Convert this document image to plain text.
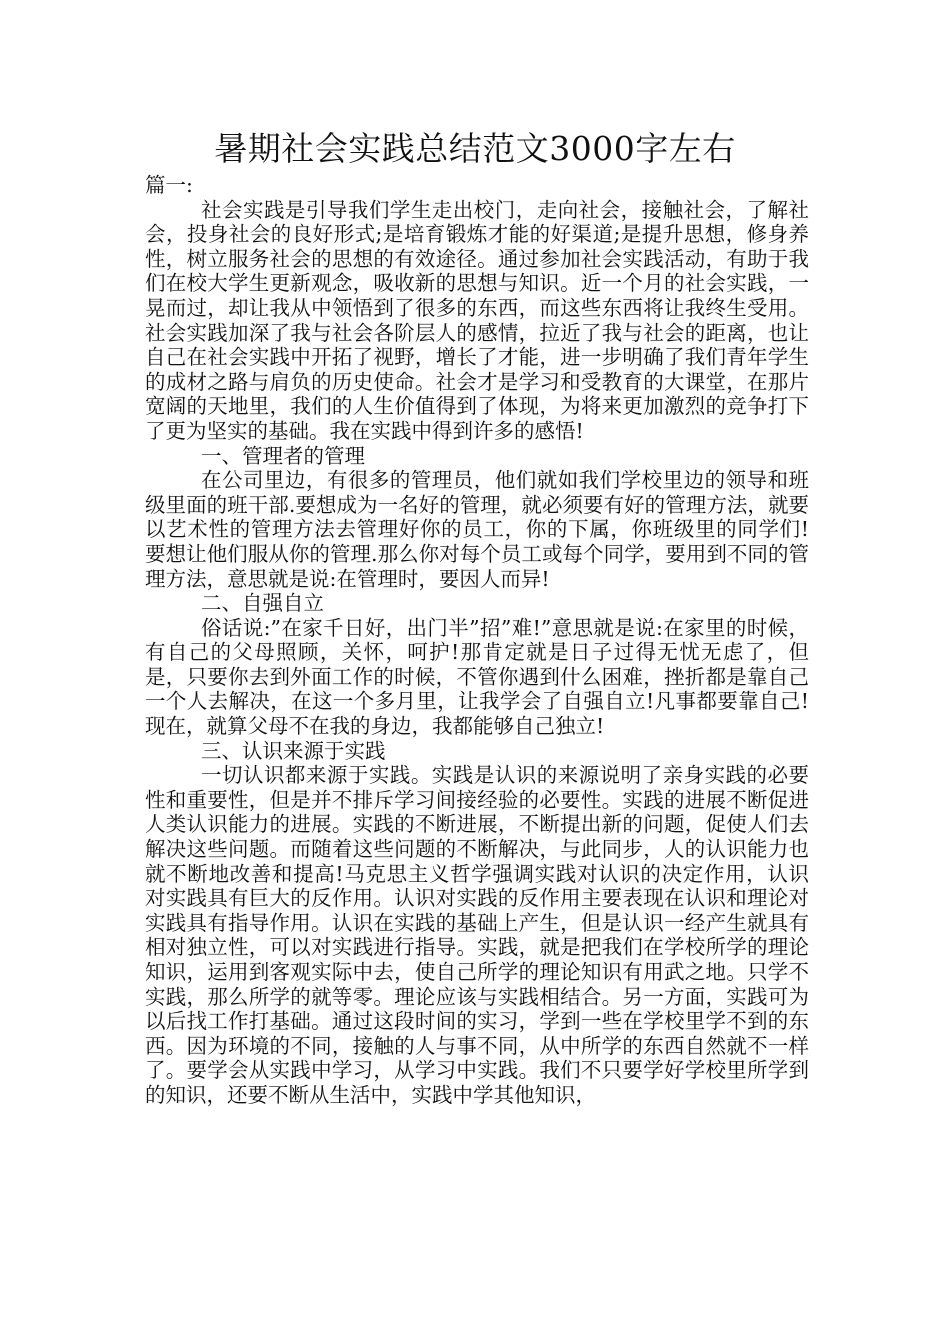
暑期社会实践总结范文3000字左右

篇一:

社会实践是引导我们学生走出校门，走向社会，接触社会，了解社会，投身社会的良好形式;是培育锻炼才能的好渠道;是提升思想，修身养性，树立服务社会的思想的有效途径。通过参加社会实践活动，有助于我们在校大学生更新观念，吸收新的思想与知识。近一个月的社会实践，一晃而过，却让我从中领悟到了很多的东西，而这些东西将让我终生受用。社会实践加深了我与社会各阶层人的感情，拉近了我与社会的距离，也让自己在社会实践中开拓了视野，增长了才能，进一步明确了我们青年学生的成材之路与肩负的历史使命。社会才是学习和受教育的大课堂，在那片宽阔的天地里，我们的人生价值得到了体现，为将来更加激烈的竞争打下了更为坚实的基础。我在实践中得到许多的感悟!

一、管理者的管理

在公司里边，有很多的管理员，他们就如我们学校里边的领导和班级里面的班干部.要想成为一名好的管理，就必须要有好的管理方法，就要以艺术性的管理方法去管理好你的员工，你的下属，你班级里的同学们!要想让他们服从你的管理.那么你对每个员工或每个同学，要用到不同的管理方法，意思就是说:在管理时，要因人而异!

二、自强自立

俗话说:”在家千日好，出门半”招”难!”意思就是说:在家里的时候，有自己的父母照顾，关怀，呵护!那肯定就是日子过得无忧无虑了，但是，只要你去到外面工作的时候，不管你遇到什么困难，挫折都是靠自己一个人去解决，在这一个多月里，让我学会了自强自立!凡事都要靠自己!现在，就算父母不在我的身边，我都能够自己独立!

三、认识来源于实践

一切认识都来源于实践。实践是认识的来源说明了亲身实践的必要性和重要性，但是并不排斥学习间接经验的必要性。实践的进展不断促进人类认识能力的进展。实践的不断进展，不断提出新的问题，促使人们去解决这些问题。而随着这些问题的不断解决，与此同步，人的认识能力也就不断地改善和提高!马克思主义哲学强调实践对认识的决定作用，认识对实践具有巨大的反作用。认识对实践的反作用主要表现在认识和理论对实践具有指导作用。认识在实践的基础上产生，但是认识一经产生就具有相对独立性，可以对实践进行指导。实践，就是把我们在学校所学的理论知识，运用到客观实际中去，使自己所学的理论知识有用武之地。只学不实践，那么所学的就等零。理论应该与实践相结合。另一方面，实践可为以后找工作打基础。通过这段时间的实习，学到一些在学校里学不到的东西。因为环境的不同，接触的人与事不同，从中所学的东西自然就不一样了。要学会从实践中学习，从学习中实践。我们不只要学好学校里所学到的知识，还要不断从生活中，实践中学其他知识，
